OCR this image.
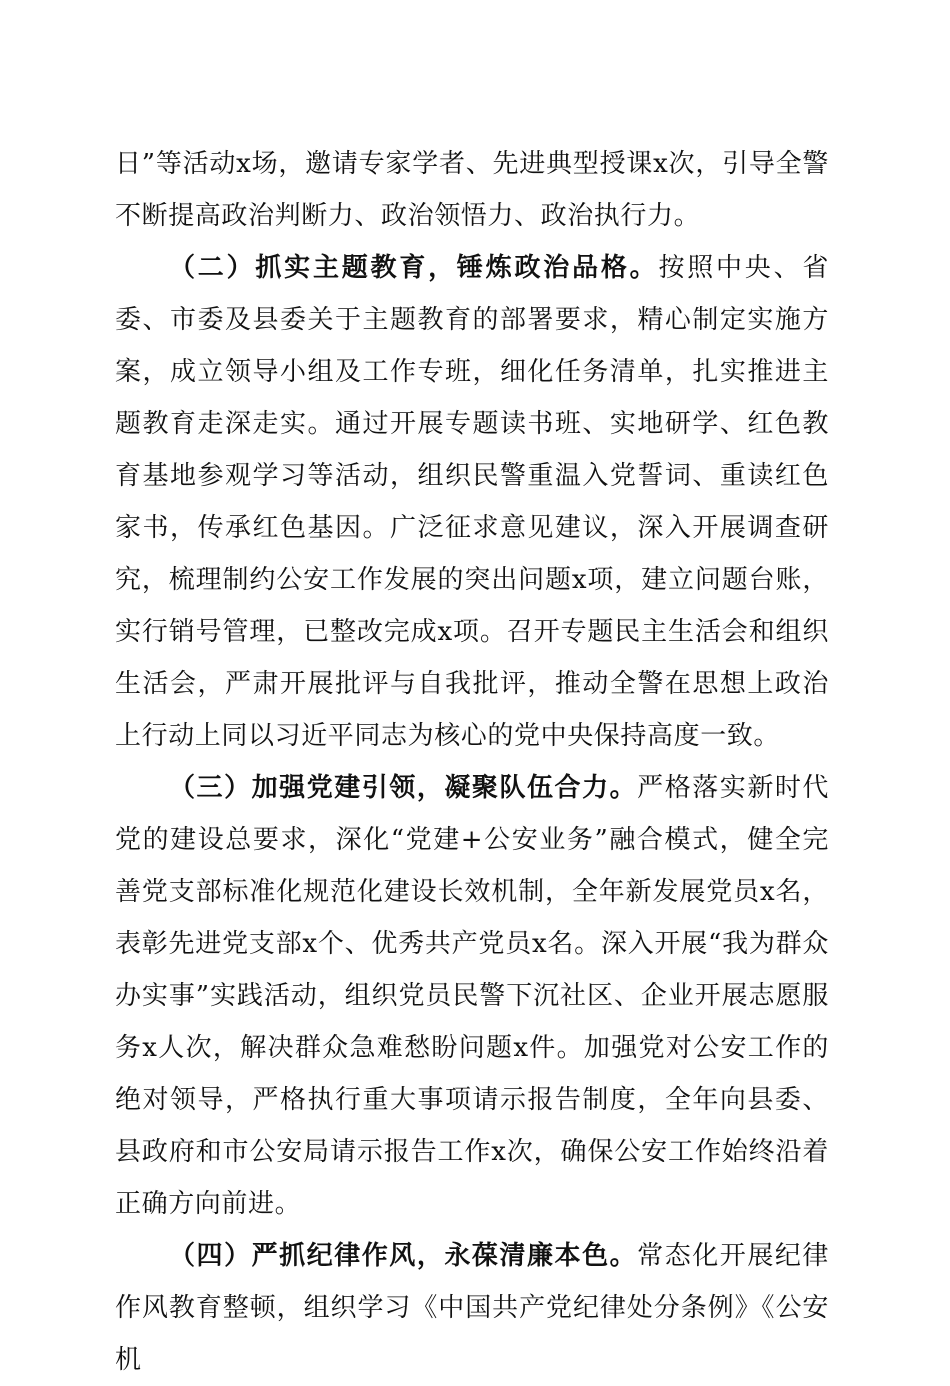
日”等活动x场，邀请专家学者、先进典型授课x次，引导全警不断提高政治判断力、政治领悟力、政治执行力。

（二）抓实主题教育，锤炼政治品格。按照中央、省委、市委及县委关于主题教育的部署要求，精心制定实施方案，成立领导小组及工作专班，细化任务清单，扎实推进主题教育走深走实。通过开展专题读书班、实地研学、红色教育基地参观学习等活动，组织民警重温入党誓词、重读红色家书，传承红色基因。广泛征求意见建议，深入开展调查研究，梳理制约公安工作发展的突出问题x项，建立问题台账，实行销号管理，已整改完成x项。召开专题民主生活会和组织生活会，严肃开展批评与自我批评，推动全警在思想上政治上行动上同以习近平同志为核心的党中央保持高度一致。

（三）加强党建引领，凝聚队伍合力。严格落实新时代党的建设总要求，深化“党建+公安业务”融合模式，健全完善党支部标准化规范化建设长效机制，全年新发展党员x名，表彰先进党支部x个、优秀共产党员x名。深入开展“我为群众办实事”实践活动，组织党员民警下沉社区、企业开展志愿服务x人次，解决群众急难愁盼问题x件。加强党对公安工作的绝对领导，严格执行重大事项请示报告制度，全年向县委、县政府和市公安局请示报告工作x次，确保公安工作始终沿着正确方向前进。

（四）严抓纪律作风，永葆清廉本色。常态化开展纪律作风教育整顿，组织学习《中国共产党纪律处分条例》《公安机
